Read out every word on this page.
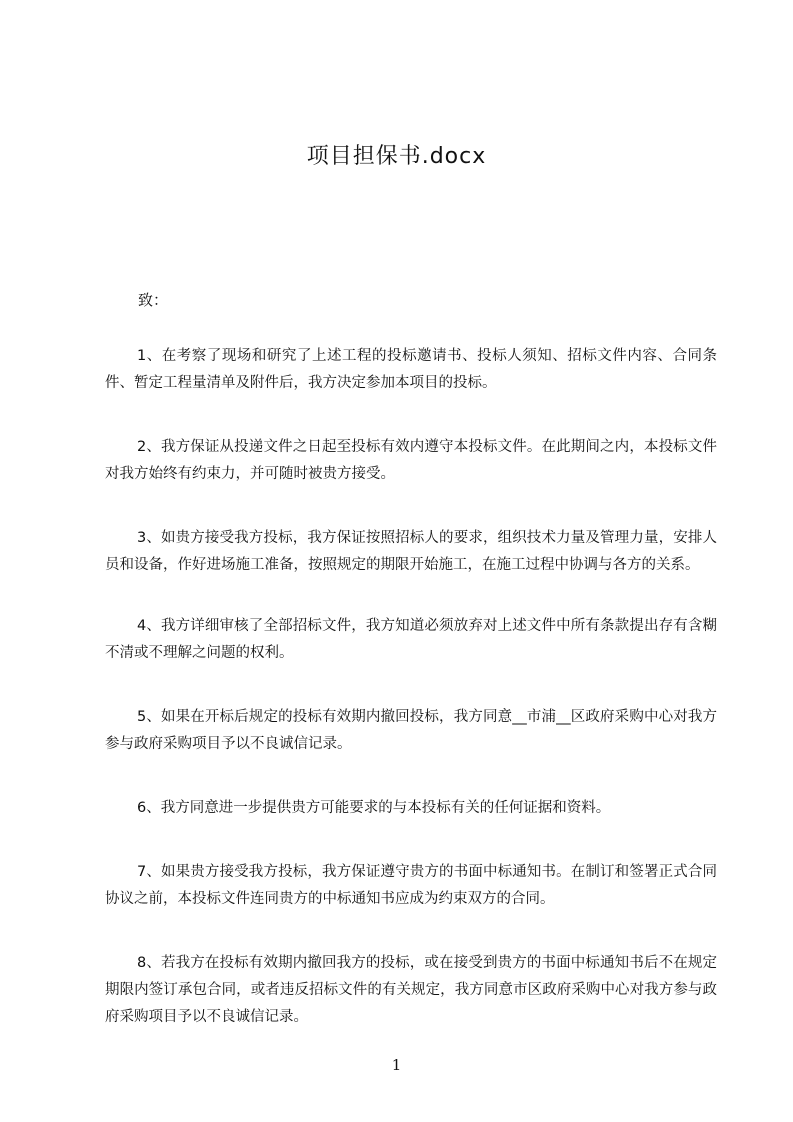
项目担保书.docx
致：

1、在考察了现场和研究了上述工程的投标邀请书、投标人须知、招标文件内容、合同条件、暂定工程量清单及附件后，我方决定参加本项目的投标。

2、我方保证从投递文件之日起至投标有效内遵守本投标文件。在此期间之内，本投标文件对我方始终有约束力，并可随时被贵方接受。

3、如贵方接受我方投标，我方保证按照招标人的要求，组织技术力量及管理力量，安排人员和设备，作好进场施工准备，按照规定的期限开始施工，在施工过程中协调与各方的关系。

4、我方详细审核了全部招标文件，我方知道必须放弃对上述文件中所有条款提出存有含糊不清或不理解之问题的权利。

5、如果在开标后规定的投标有效期内撤回投标，我方同意__市浦__区政府采购中心对我方参与政府采购项目予以不良诚信记录。

6、我方同意进一步提供贵方可能要求的与本投标有关的任何证据和资料。

7、如果贵方接受我方投标，我方保证遵守贵方的书面中标通知书。在制订和签署正式合同协议之前，本投标文件连同贵方的中标通知书应成为约束双方的合同。

8、若我方在投标有效期内撤回我方的投标，或在接受到贵方的书面中标通知书后不在规定期限内签订承包合同，或者违反招标文件的有关规定，我方同意市区政府采购中心对我方参与政府采购项目予以不良诚信记录。

1
